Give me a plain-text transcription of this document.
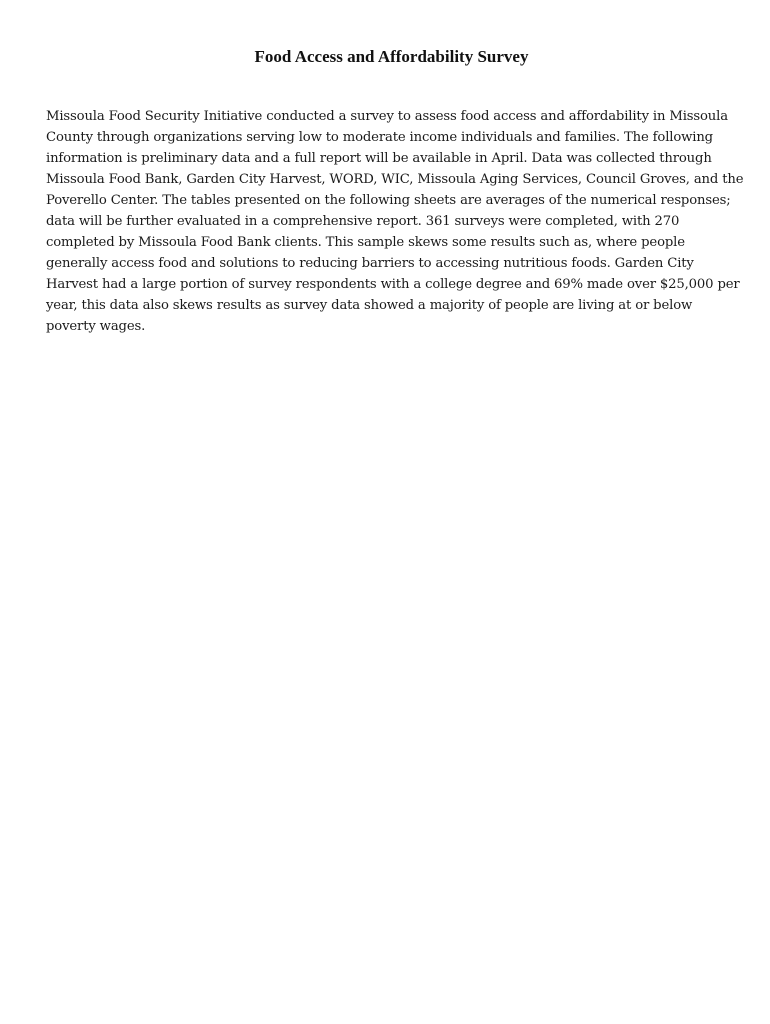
Food Access and Affordability Survey
Missoula Food Security Initiative conducted a survey to assess food access and affordability in Missoula
County through organizations serving low to moderate income individuals and families. The following
information is preliminary data and a full report will be available in April. Data was collected through
Missoula Food Bank, Garden City Harvest, WORD, WIC, Missoula Aging Services, Council Groves, and the
Poverello Center. The tables presented on the following sheets are averages of the numerical responses;
data will be further evaluated in a comprehensive report. 361 surveys were completed, with 270
completed by Missoula Food Bank clients. This sample skews some results such as, where people
generally access food and solutions to reducing barriers to accessing nutritious foods. Garden City
Harvest had a large portion of survey respondents with a college degree and 69% made over $25,000 per
year, this data also skews results as survey data showed a majority of people are living at or below
poverty wages.
